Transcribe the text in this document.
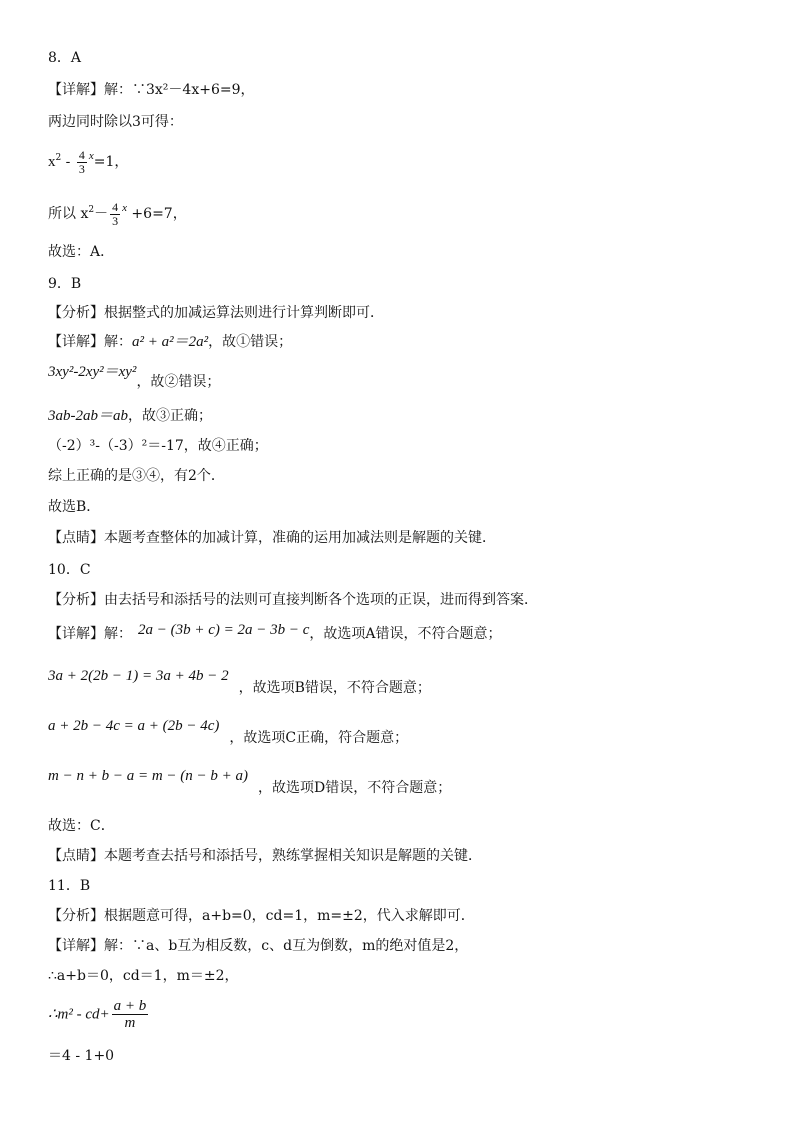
8．A
【详解】解：∵3x²－4x+6=9，
两边同时除以3可得：
$x^2 - \frac{4}{3} ^x=1$，
所以 $x^2- \frac{4}{3} ^x +6=7$，
故选：A．
9．B
【分析】根据整式的加减运算法则进行计算判断即可．
【详解】解：a² + a²＝2a²，故①错误；
3xy²-2xy²＝xy²，故②错误；
3ab-2ab＝ab，故③正确；
（-2）³-（-3）²＝-17，故④正确；
综上正确的是③④，有2个．
故选B．
【点睛】本题考查整体的加减计算，准确的运用加减法则是解题的关键．
10．C
【分析】由去括号和添括号的法则可直接判断各个选项的正误，进而得到答案．
【详解】解： 2a − (3b + c) = 2a − 3b − c，故选项A错误，不符合题意；
3a + 2(2b − 1) = 3a + 4b − 2，故选项B错误，不符合题意；
a + 2b − 4c = a + (2b − 4c)，故选项C正确，符合题意；
m − n + b − a = m − (n − b + a)，故选项D错误，不符合题意；
故选：C．
【点睛】本题考查去括号和添括号，熟练掌握相关知识是解题的关键．
11．B
【分析】根据题意可得，a+b=0，cd=1，m=±2，代入求解即可．
【详解】解：∵a、b互为相反数，c、d互为倒数，m的绝对值是2，
∴a+b＝0，cd＝1，m＝±2，
∴m² - $cd+ \frac{a + b}{m}$
＝4 - 1+0
